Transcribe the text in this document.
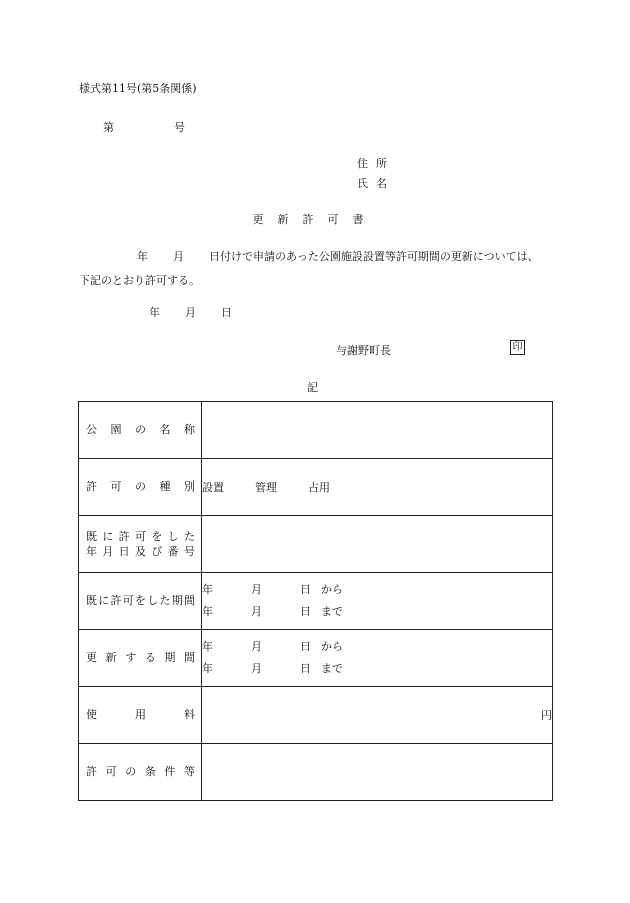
様式第11号(第5条関係)
第	号
住所
氏名
更新許可書
年 月 日付けで申請のあった公園施設設置等許可期間の更新については、下記のとおり許可する。
年 月 日
与謝野町長	印
記
公園の名称	

許可の種別	設置 管理 占用

既に許可をした
年月日及び番号	

既に許可をした期間	年 月 日 から
年 月 日 まで

更新する期間	年 月 日 から
年 月 日 まで

使用料	円

許可の条件等	
